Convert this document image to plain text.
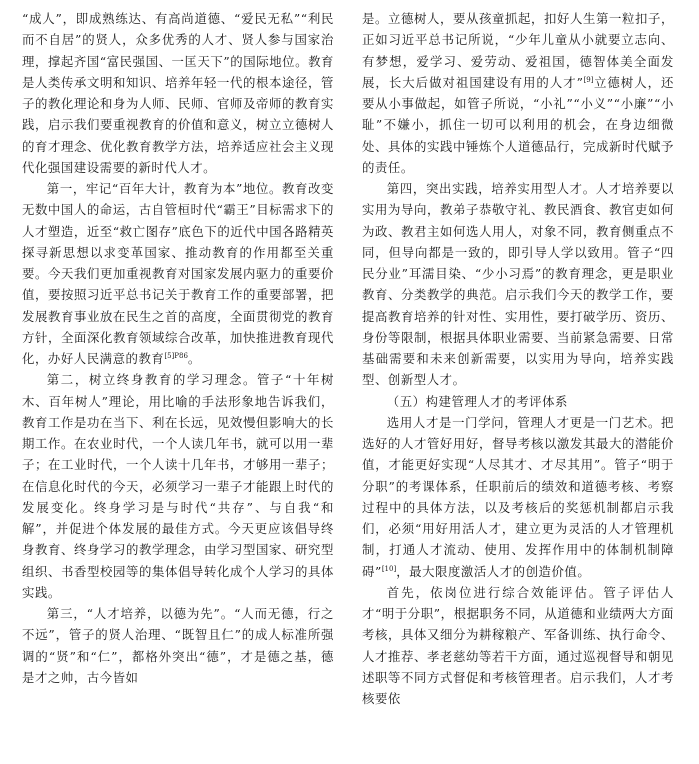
“成人”，即成熟练达、有高尚道德、“爱民无私”“利民而不自居”的贤人，众多优秀的人才、贤人参与国家治理，撑起齐国“富民强国、一匡天下”的国际地位。教育是人类传承文明和知识、培养年轻一代的根本途径，管子的教化理论和身为人师、民师、官师及帝师的教育实践，启示我们要重视教育的价值和意义，树立立德树人的育才理念、优化教育教学方法，培养适应社会主义现代化强国建设需要的新时代人才。

第一，牢记“百年大计，教育为本”地位。教育改变无数中国人的命运，古自管桓时代“霸王”目标需求下的人才塑造，近至“救亡图存”底色下的近代中国各路精英探寻新思想以求变革国家、推动教育的作用都至关重要。今天我们更加重视教育对国家发展内驱力的重要价值，要按照习近平总书记关于教育工作的重要部署，把发展教育事业放在民生之首的高度，全面贯彻党的教育方针，全面深化教育领域综合改革，加快推进教育现代化，办好人民满意的教育$^{[5]P86}$。

第二，树立终身教育的学习理念。管子“十年树木、百年树人”理论，用比喻的手法形象地告诉我们，教育工作是功在当下、利在长远，见效慢但影响大的长期工作。在农业时代，一个人读几年书，就可以用一辈子；在工业时代，一个人读十几年书，才够用一辈子；在信息化时代的今天，必须学习一辈子才能跟上时代的发展变化。终身学习是与时代“共存”、与自我“和解”，并促进个体发展的最佳方式。今天更应该倡导终身教育、终身学习的教学理念，由学习型国家、研究型组织、书香型校园等的集体倡导转化成个人学习的具体实践。

第三，“人才培养，以德为先”。“人而无德，行之不远”，管子的贤人治理、“既智且仁”的成人标准所强调的“贤”和“仁”，都格外突出“德”，才是德之基，德是才之帅，古今皆如

是。立德树人，要从孩童抓起，扣好人生第一粒扣子，正如习近平总书记所说，“少年儿童从小就要立志向、有梦想，爱学习、爱劳动、爱祖国，德智体美全面发展，长大后做对祖国建设有用的人才”[9]立德树人，还要从小事做起，如管子所说，“小礼”“小义”“小廉”“小耻”不嫌小，抓住一切可以利用的机会，在身边细微处、具体的实践中锤炼个人道德品行，完成新时代赋予的责任。

第四，突出实践，培养实用型人才。人才培养要以实用为导向，教弟子恭敬守礼、教民酒食、教官吏如何为政、教君主如何选人用人，对象不同，教育侧重点不同，但导向都是一致的，即引导人学以致用。管子“四民分业”耳濡目染、“少小习焉”的教育理念，更是职业教育、分类教学的典范。启示我们今天的教学工作，要提高教育培养的针对性、实用性，要打破学历、资历、身份等限制，根据具体职业需要、当前紧急需要、日常基础需要和未来创新需要，以实用为导向，培养实践型、创新型人才。

（五）构建管理人才的考评体系

选用人才是一门学问，管理人才更是一门艺术。把选好的人才管好用好，督导考核以激发其最大的潜能价值，才能更好实现“人尽其才、才尽其用”。管子“明于分职”的考课体系，任职前后的绩效和道德考核、考察过程中的具体方法，以及考核后的奖惩机制都启示我们，必须“用好用活人才，建立更为灵活的人才管理机制，打通人才流动、使用、发挥作用中的体制机制障碍”[10]，最大限度激活人才的创造价值。

首先，依岗位进行综合效能评估。管子评估人才“明于分职”，根据职务不同，从道德和业绩两大方面考核，具体又细分为耕稼粮产、军备训练、执行命令、人才推荐、孝老慈幼等若干方面，通过巡视督导和朝见述职等不同方式督促和考核管理者。启示我们，人才考核要依
